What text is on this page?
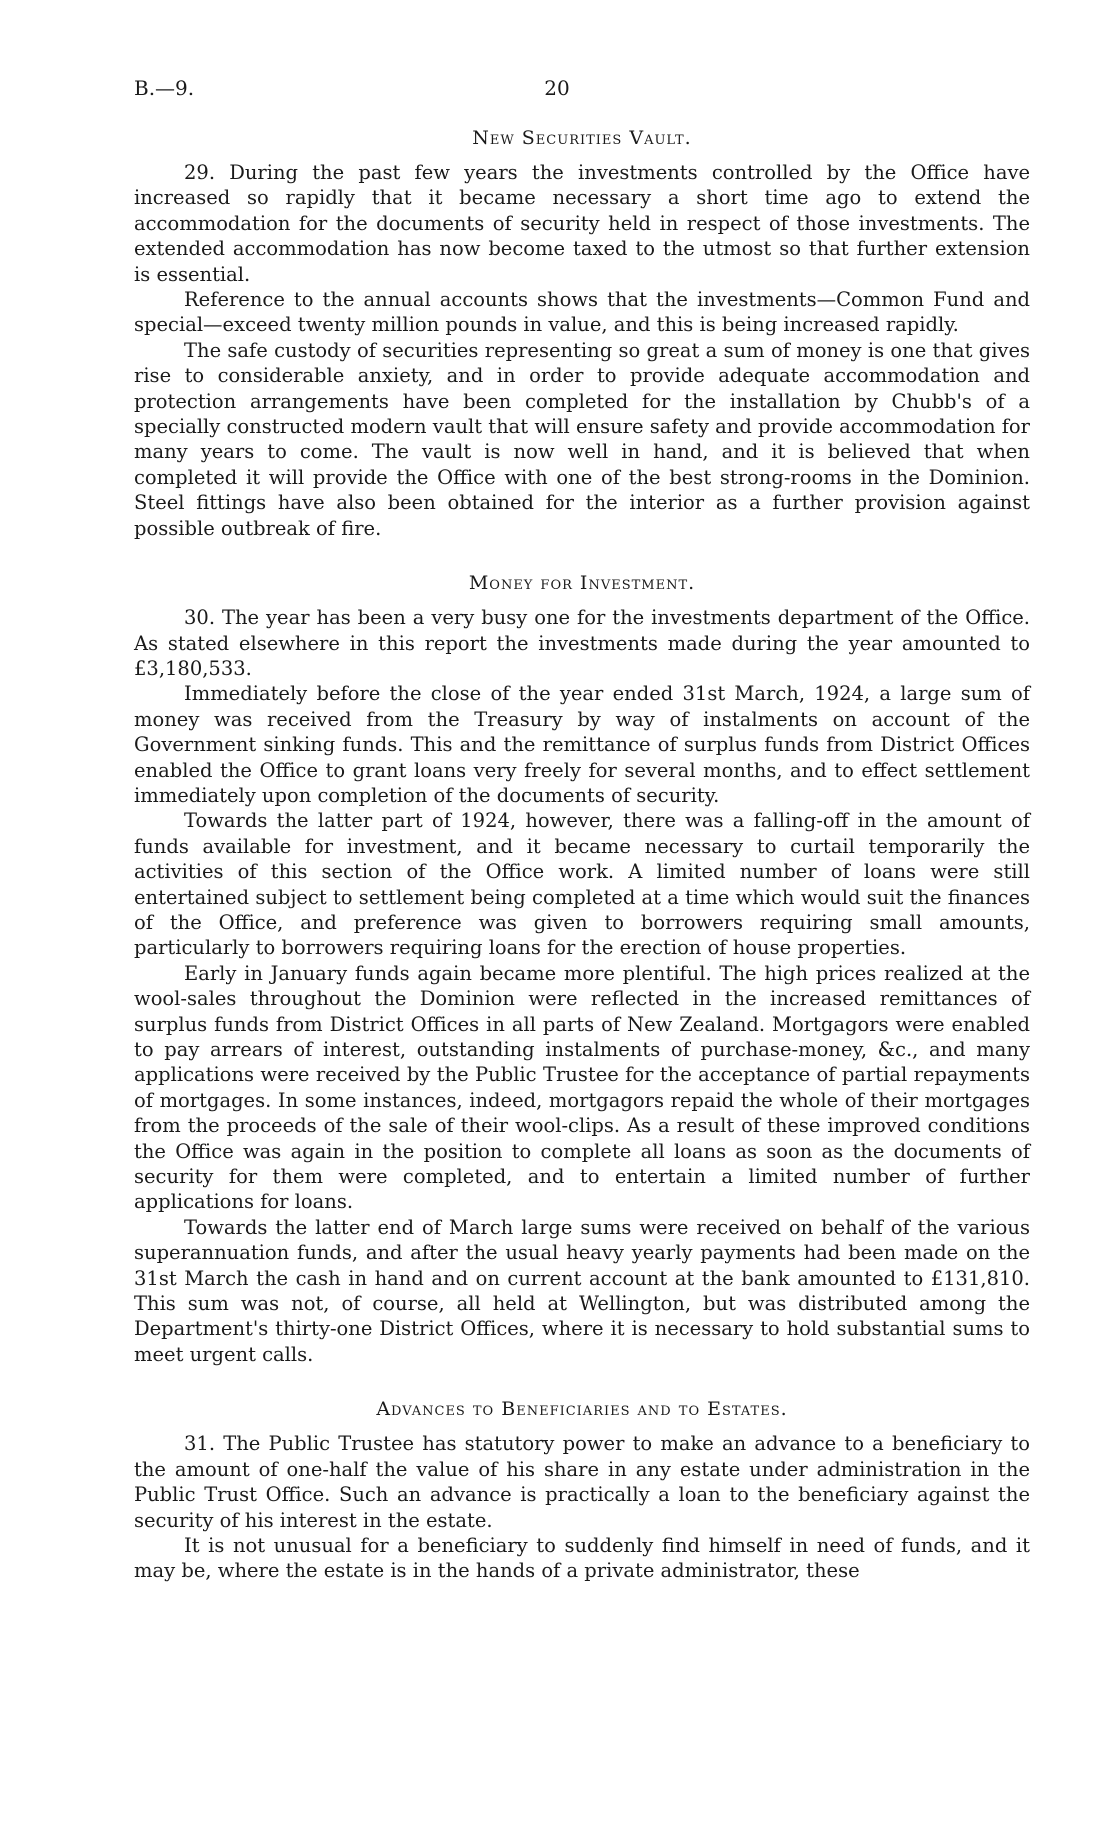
B.—9.	20
New Securities Vault.

29. During the past few years the investments controlled by the Office have increased so rapidly that it became necessary a short time ago to extend the accommodation for the documents of security held in respect of those investments. The extended accommodation has now become taxed to the utmost so that further extension is essential.

Reference to the annual accounts shows that the investments—Common Fund and special—exceed twenty million pounds in value, and this is being increased rapidly.

The safe custody of securities representing so great a sum of money is one that gives rise to considerable anxiety, and in order to provide adequate accommodation and protection arrangements have been completed for the installation by Chubb's of a specially constructed modern vault that will ensure safety and provide accommodation for many years to come. The vault is now well in hand, and it is believed that when completed it will provide the Office with one of the best strong-rooms in the Dominion. Steel fittings have also been obtained for the interior as a further provision against possible outbreak of fire.

Money for Investment.

30. The year has been a very busy one for the investments department of the Office. As stated elsewhere in this report the investments made during the year amounted to £3,180,533.

Immediately before the close of the year ended 31st March, 1924, a large sum of money was received from the Treasury by way of instalments on account of the Government sinking funds. This and the remittance of surplus funds from District Offices enabled the Office to grant loans very freely for several months, and to effect settlement immediately upon completion of the documents of security.

Towards the latter part of 1924, however, there was a falling-off in the amount of funds available for investment, and it became necessary to curtail temporarily the activities of this section of the Office work. A limited number of loans were still entertained subject to settlement being completed at a time which would suit the finances of the Office, and preference was given to borrowers requiring small amounts, particularly to borrowers requiring loans for the erection of house properties.

Early in January funds again became more plentiful. The high prices realized at the wool-sales throughout the Dominion were reflected in the increased remittances of surplus funds from District Offices in all parts of New Zealand. Mortgagors were enabled to pay arrears of interest, outstanding instalments of purchase-money, &c., and many applications were received by the Public Trustee for the acceptance of partial repayments of mortgages. In some instances, indeed, mortgagors repaid the whole of their mortgages from the proceeds of the sale of their wool-clips. As a result of these improved conditions the Office was again in the position to complete all loans as soon as the documents of security for them were completed, and to entertain a limited number of further applications for loans.

Towards the latter end of March large sums were received on behalf of the various superannuation funds, and after the usual heavy yearly payments had been made on the 31st March the cash in hand and on current account at the bank amounted to £131,810. This sum was not, of course, all held at Wellington, but was distributed among the Department's thirty-one District Offices, where it is necessary to hold substantial sums to meet urgent calls.

Advances to Beneficiaries and to Estates.

31. The Public Trustee has statutory power to make an advance to a beneficiary to the amount of one-half the value of his share in any estate under administration in the Public Trust Office. Such an advance is practically a loan to the beneficiary against the security of his interest in the estate.

It is not unusual for a beneficiary to suddenly find himself in need of funds, and it may be, where the estate is in the hands of a private administrator, these
